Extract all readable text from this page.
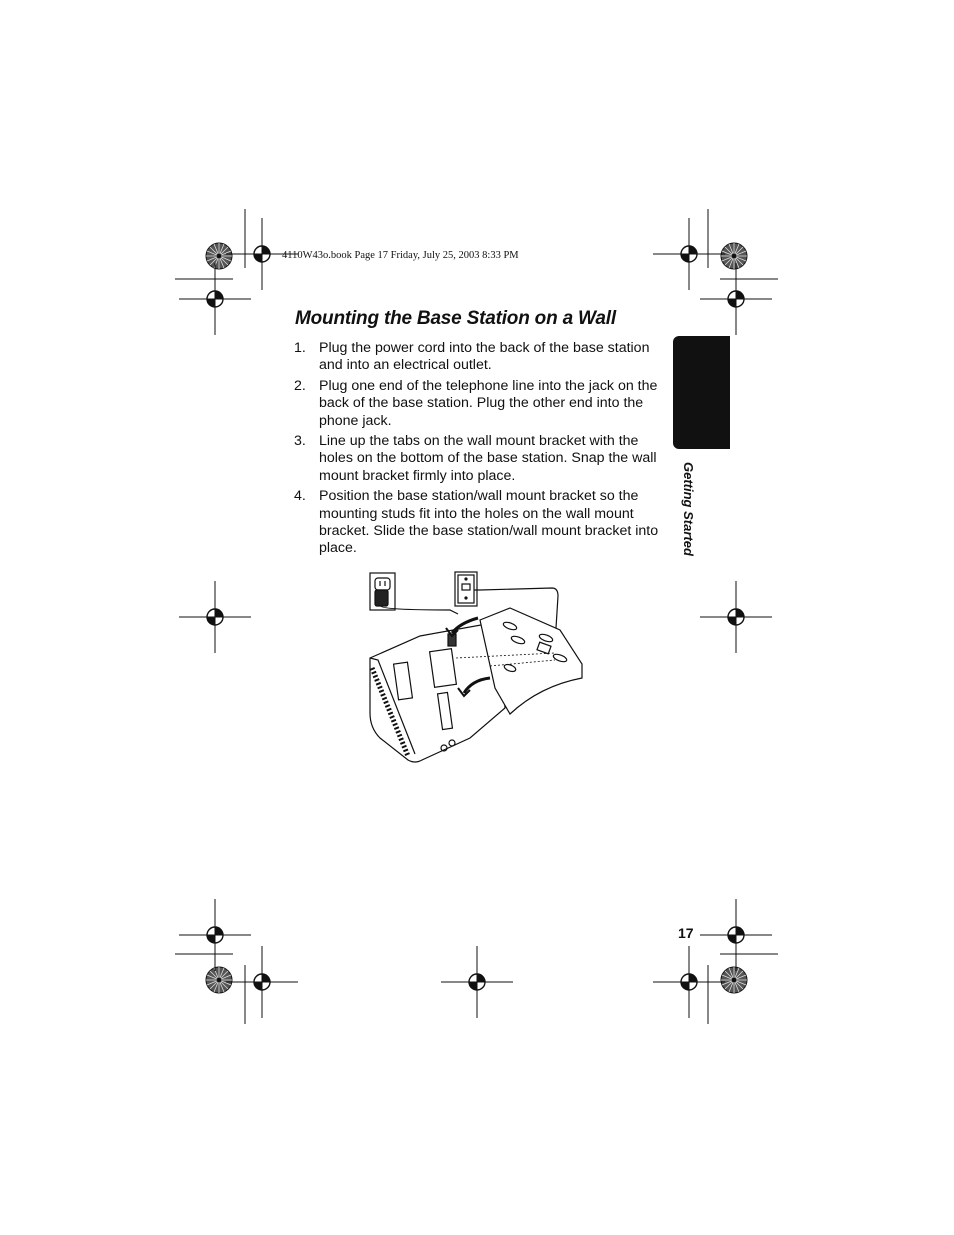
4110W43o.book Page 17 Friday, July 25, 2003 8:33 PM
Mounting the Base Station on a Wall
1. Plug the power cord into the back of the base station and into an electrical outlet.
2. Plug one end of the telephone line into the jack on the back of the base station. Plug the other end into the phone jack.
3. Line up the tabs on the wall mount bracket with the holes on the bottom of the base station. Snap the wall mount bracket firmly into place.
4. Position the base station/wall mount bracket so the mounting studs fit into the holes on the wall mount bracket. Slide the base station/wall mount bracket into place.	Getting Started
17
